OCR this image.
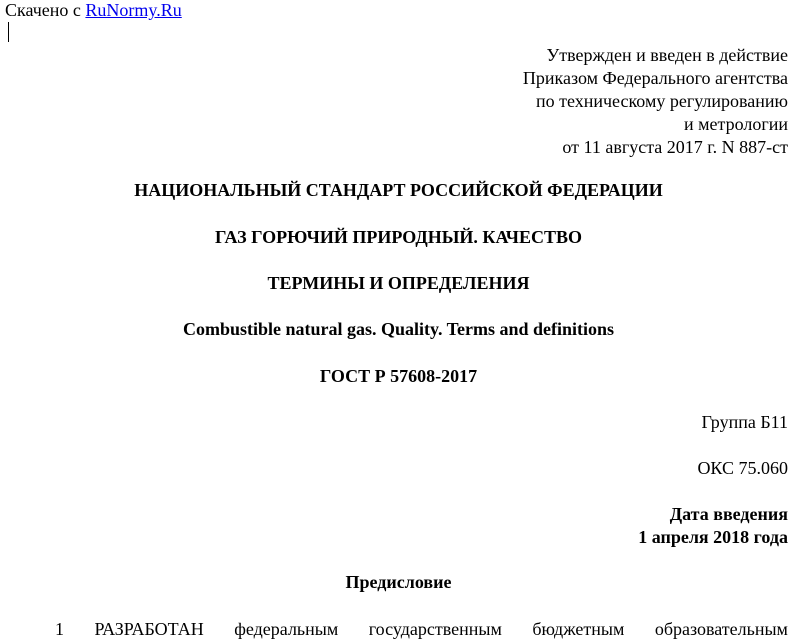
Скачено с RuNormy.Ru
Утвержден и введен в действие
Приказом Федерального агентства
по техническому регулированию
и метрологии
от 11 августа 2017 г. N 887-ст
НАЦИОНАЛЬНЫЙ СТАНДАРТ РОССИЙСКОЙ ФЕДЕРАЦИИ
ГАЗ ГОРЮЧИЙ ПРИРОДНЫЙ. КАЧЕСТВО
ТЕРМИНЫ И ОПРЕДЕЛЕНИЯ
Combustible natural gas. Quality. Terms and definitions
ГОСТ Р 57608-2017
Группа Б11
ОКС 75.060
Дата введения
1 апреля 2018 года
Предисловие
1 РАЗРАБОТАН федеральным государственным бюджетным образовательным
